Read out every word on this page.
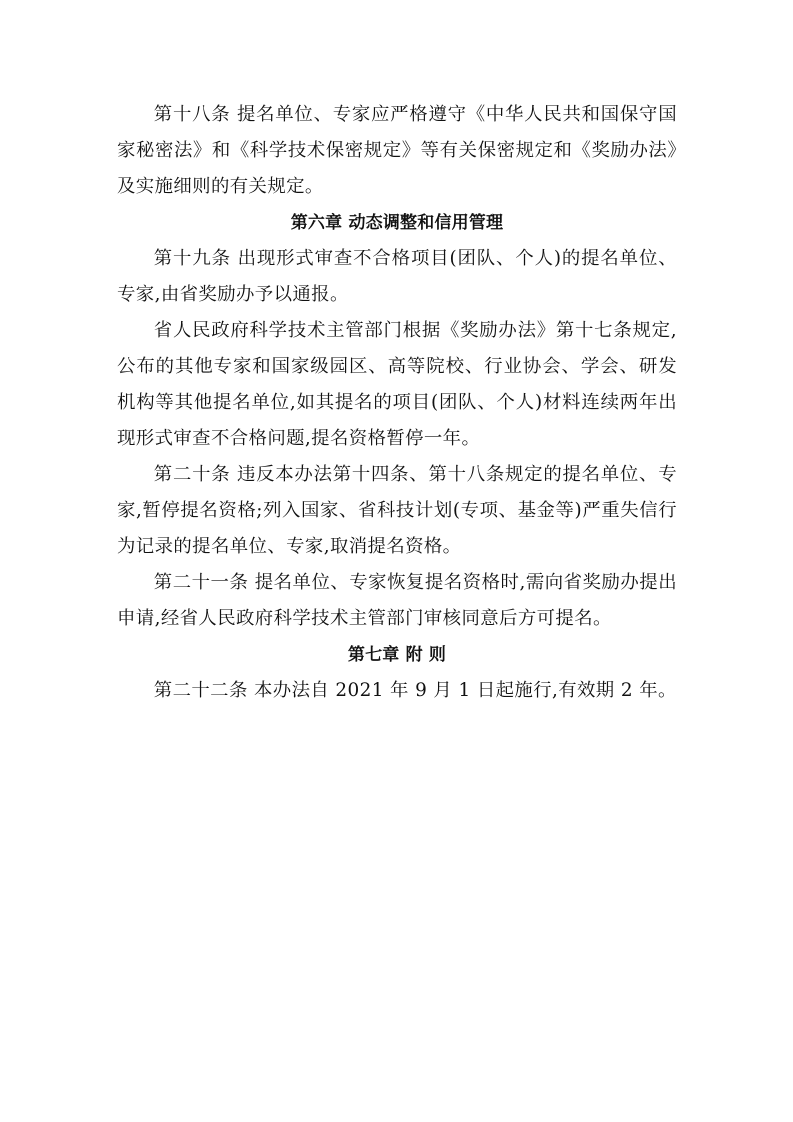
第十八条 提名单位、专家应严格遵守《中华人民共和国保守国家秘密法》和《科学技术保密规定》等有关保密规定和《奖励办法》及实施细则的有关规定。

第六章 动态调整和信用管理

第十九条 出现形式审查不合格项目(团队、个人)的提名单位、专家,由省奖励办予以通报。

省人民政府科学技术主管部门根据《奖励办法》第十七条规定,公布的其他专家和国家级园区、高等院校、行业协会、学会、研发机构等其他提名单位,如其提名的项目(团队、个人)材料连续两年出现形式审查不合格问题,提名资格暂停一年。

第二十条 违反本办法第十四条、第十八条规定的提名单位、专家,暂停提名资格;列入国家、省科技计划(专项、基金等)严重失信行为记录的提名单位、专家,取消提名资格。

第二十一条 提名单位、专家恢复提名资格时,需向省奖励办提出申请,经省人民政府科学技术主管部门审核同意后方可提名。

第七章 附 则

第二十二条 本办法自 2021 年 9 月 1 日起施行,有效期 2 年。
